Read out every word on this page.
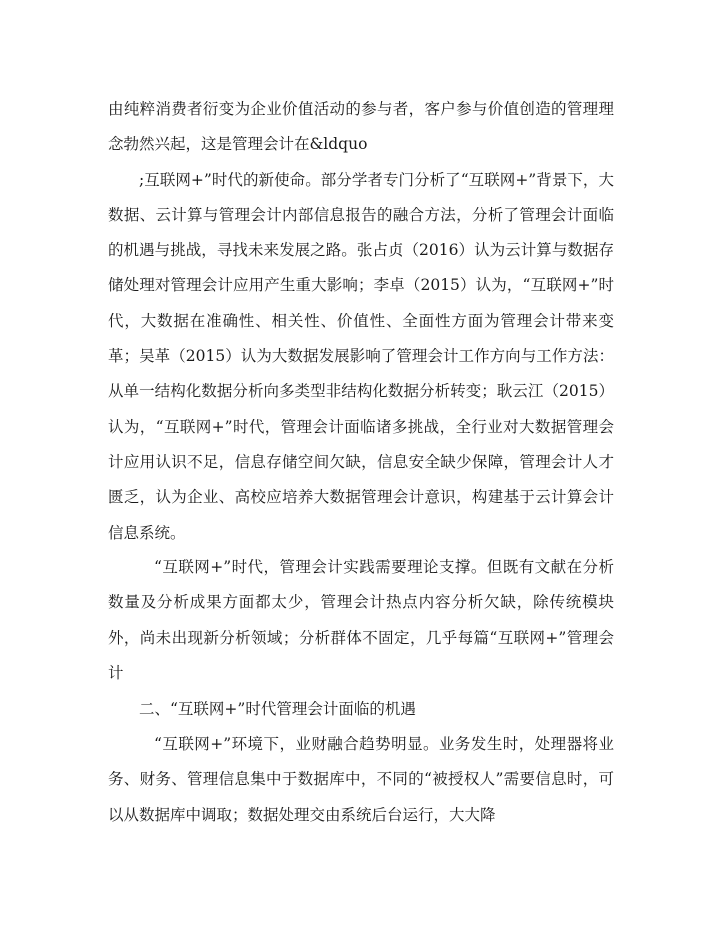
由纯粹消费者衍变为企业价值活动的参与者，客户参与价值创造的管理理念勃然兴起，这是管理会计在&ldquo

;互联网+”时代的新使命。部分学者专门分析了“互联网+”背景下，大数据、云计算与管理会计内部信息报告的融合方法，分析了管理会计面临的机遇与挑战，寻找未来发展之路。张占贞（2016）认为云计算与数据存储处理对管理会计应用产生重大影响；李卓（2015）认为，“互联网+”时代，大数据在准确性、相关性、价值性、全面性方面为管理会计带来变革；吴革（2015）认为大数据发展影响了管理会计工作方向与工作方法：从单一结构化数据分析向多类型非结构化数据分析转变；耿云江（2015）认为，“互联网+”时代，管理会计面临诸多挑战，全行业对大数据管理会计应用认识不足，信息存储空间欠缺，信息安全缺少保障，管理会计人才匮乏，认为企业、高校应培养大数据管理会计意识，构建基于云计算会计信息系统。

“互联网+”时代，管理会计实践需要理论支撑。但既有文献在分析数量及分析成果方面都太少，管理会计热点内容分析欠缺，除传统模块外，尚未出现新分析领域；分析群体不固定，几乎每篇“互联网+”管理会计

二、“互联网+”时代管理会计面临的机遇

“互联网+”环境下，业财融合趋势明显。业务发生时，处理器将业务、财务、管理信息集中于数据库中，不同的“被授权人”需要信息时，可以从数据库中调取；数据处理交由系统后台运行，大大降
